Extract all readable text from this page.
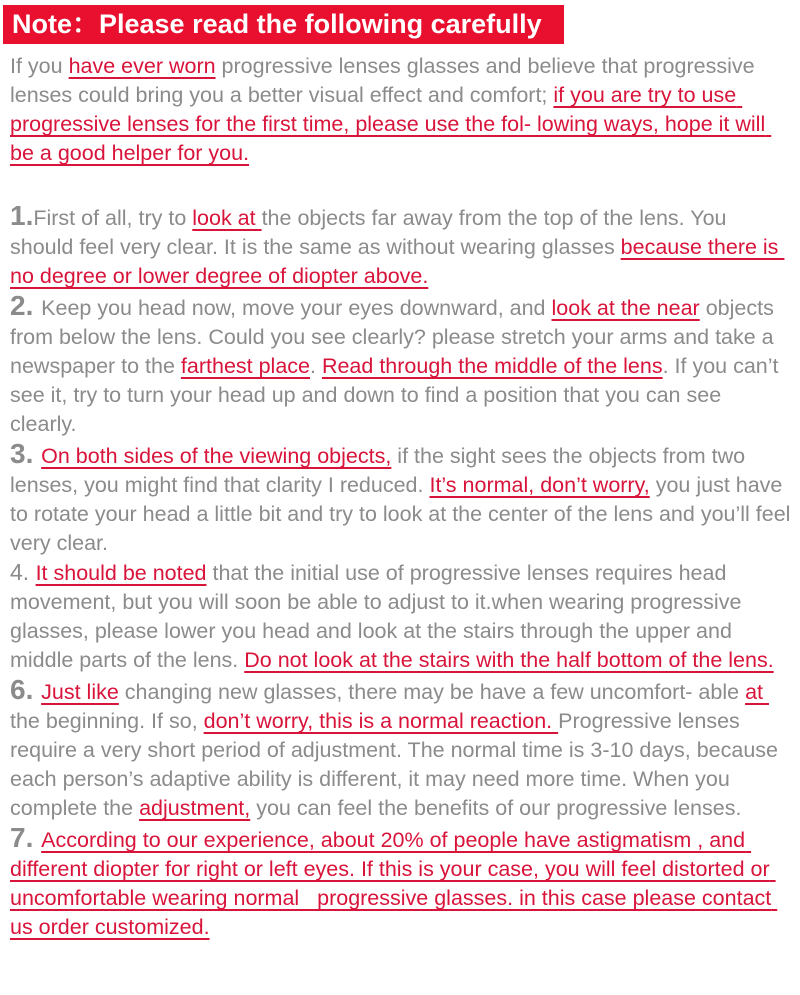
Note：Please read the following carefully

If you have ever worn progressive lenses glasses and believe that progressive lenses could bring you a better visual effect and comfort; if you are try to use progressive lenses for the first time, please use the fol- lowing ways, hope it will be a good helper for you.

1.First of all, try to look at the objects far away from the top of the lens. You should feel very clear. It is the same as without wearing glasses because there is no degree or lower degree of diopter above.

2. Keep you head now, move your eyes downward, and look at the near objects from below the lens. Could you see clearly? please stretch your arms and take a newspaper to the farthest place. Read through the middle of the lens. If you can’t see it, try to turn your head up and down to find a position that you can see clearly.

3. On both sides of the viewing objects, if the sight sees the objects from two lenses, you might find that clarity I reduced. It’s normal, don’t worry, you just have to rotate your head a little bit and try to look at the center of the lens and you’ll feel very clear.

4. It should be noted that the initial use of progressive lenses requires head movement, but you will soon be able to adjust to it.when wearing progressive glasses, please lower you head and look at the stairs through the upper and middle parts of the lens. Do not look at the stairs with the half bottom of the lens.

6. Just like changing new glasses, there may be have a few uncomfort- able at the beginning. If so, don’t worry, this is a normal reaction. Progressive lenses require a very short period of adjustment. The normal time is 3-10 days, because each person’s adaptive ability is different, it may need more time. When you complete the adjustment, you can feel the benefits of our progressive lenses.

7. According to our experience, about 20% of people have astigmatism , and different diopter for right or left eyes. If this is your case, you will feel distorted or uncomfortable wearing normal   progressive glasses. in this case please contact us order customized.
